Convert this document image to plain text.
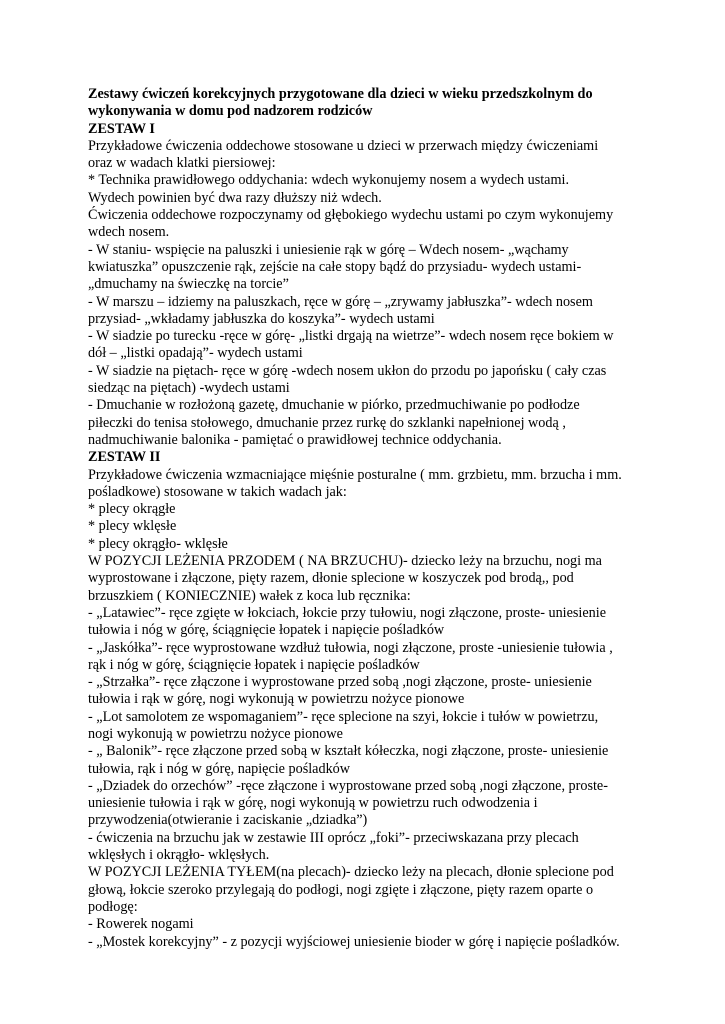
Zestawy ćwiczeń korekcyjnych przygotowane dla dzieci w wieku przedszkolnym do
wykonywania w domu pod nadzorem rodziców
ZESTAW I
Przykładowe ćwiczenia oddechowe stosowane u dzieci w przerwach między ćwiczeniami
oraz w wadach klatki piersiowej:
* Technika prawidłowego oddychania: wdech wykonujemy nosem a wydech ustami.
Wydech powinien być dwa razy dłuższy niż wdech.
Ćwiczenia oddechowe rozpoczynamy od głębokiego wydechu ustami po czym wykonujemy
wdech nosem.
- W staniu- wspięcie na paluszki i uniesienie rąk w górę – Wdech nosem- „wąchamy
kwiatuszka” opuszczenie rąk, zejście na całe stopy bądź do przysiadu- wydech ustami-
„dmuchamy na świeczkę na torcie”
- W marszu – idziemy na paluszkach, ręce w górę – „zrywamy jabłuszka”- wdech nosem
przysiad- „wkładamy jabłuszka do koszyka”- wydech ustami
- W siadzie po turecku -ręce w górę- „listki drgają na wietrze”- wdech nosem ręce bokiem w
dół – „listki opadają”- wydech ustami
- W siadzie na piętach- ręce w górę -wdech nosem ukłon do przodu po japońsku ( cały czas
siedząc na piętach) -wydech ustami
- Dmuchanie w rozłożoną gazetę, dmuchanie w piórko, przedmuchiwanie po podłodze
piłeczki do tenisa stołowego, dmuchanie przez rurkę do szklanki napełnionej wodą ,
nadmuchiwanie balonika - pamiętać o prawidłowej technice oddychania.
ZESTAW II
Przykładowe ćwiczenia wzmacniające mięśnie posturalne ( mm. grzbietu, mm. brzucha i mm.
pośladkowe) stosowane w takich wadach jak:
* plecy okrągłe
* plecy wklęsłe
* plecy okrągło- wklęsłe
W POZYCJI LEŻENIA PRZODEM ( NA BRZUCHU)- dziecko leży na brzuchu, nogi ma
wyprostowane i złączone, pięty razem, dłonie splecione w koszyczek pod brodą,, pod
brzuszkiem ( KONIECZNIE) wałek z koca lub ręcznika:
- „Latawiec”- ręce zgięte w łokciach, łokcie przy tułowiu, nogi złączone, proste- uniesienie
tułowia i nóg w górę, ściągnięcie łopatek i napięcie pośladków
- „Jaskółka”- ręce wyprostowane wzdłuż tułowia, nogi złączone, proste -uniesienie tułowia ,
rąk i nóg w górę, ściągnięcie łopatek i napięcie pośladków
- „Strzałka”- ręce złączone i wyprostowane przed sobą ,nogi złączone, proste- uniesienie
tułowia i rąk w górę, nogi wykonują w powietrzu nożyce pionowe
- „Lot samolotem ze wspomaganiem”- ręce splecione na szyi, łokcie i tułów w powietrzu,
nogi wykonują w powietrzu nożyce pionowe
- „ Balonik”- ręce złączone przed sobą w kształt kółeczka, nogi złączone, proste- uniesienie
tułowia, rąk i nóg w górę, napięcie pośladków
- „Dziadek do orzechów” -ręce złączone i wyprostowane przed sobą ,nogi złączone, proste-
uniesienie tułowia i rąk w górę, nogi wykonują w powietrzu ruch odwodzenia i
przywodzenia(otwieranie i zaciskanie „dziadka”)
- ćwiczenia na brzuchu jak w zestawie III oprócz „foki”- przeciwskazana przy plecach
wklęsłych i okrągło- wklęsłych.
W POZYCJI LEŻENIA TYŁEM(na plecach)- dziecko leży na plecach, dłonie splecione pod
głową, łokcie szeroko przylegają do podłogi, nogi zgięte i złączone, pięty razem oparte o
podłogę:
- Rowerek nogami
- „Mostek korekcyjny” - z pozycji wyjściowej uniesienie bioder w górę i napięcie pośladków.
